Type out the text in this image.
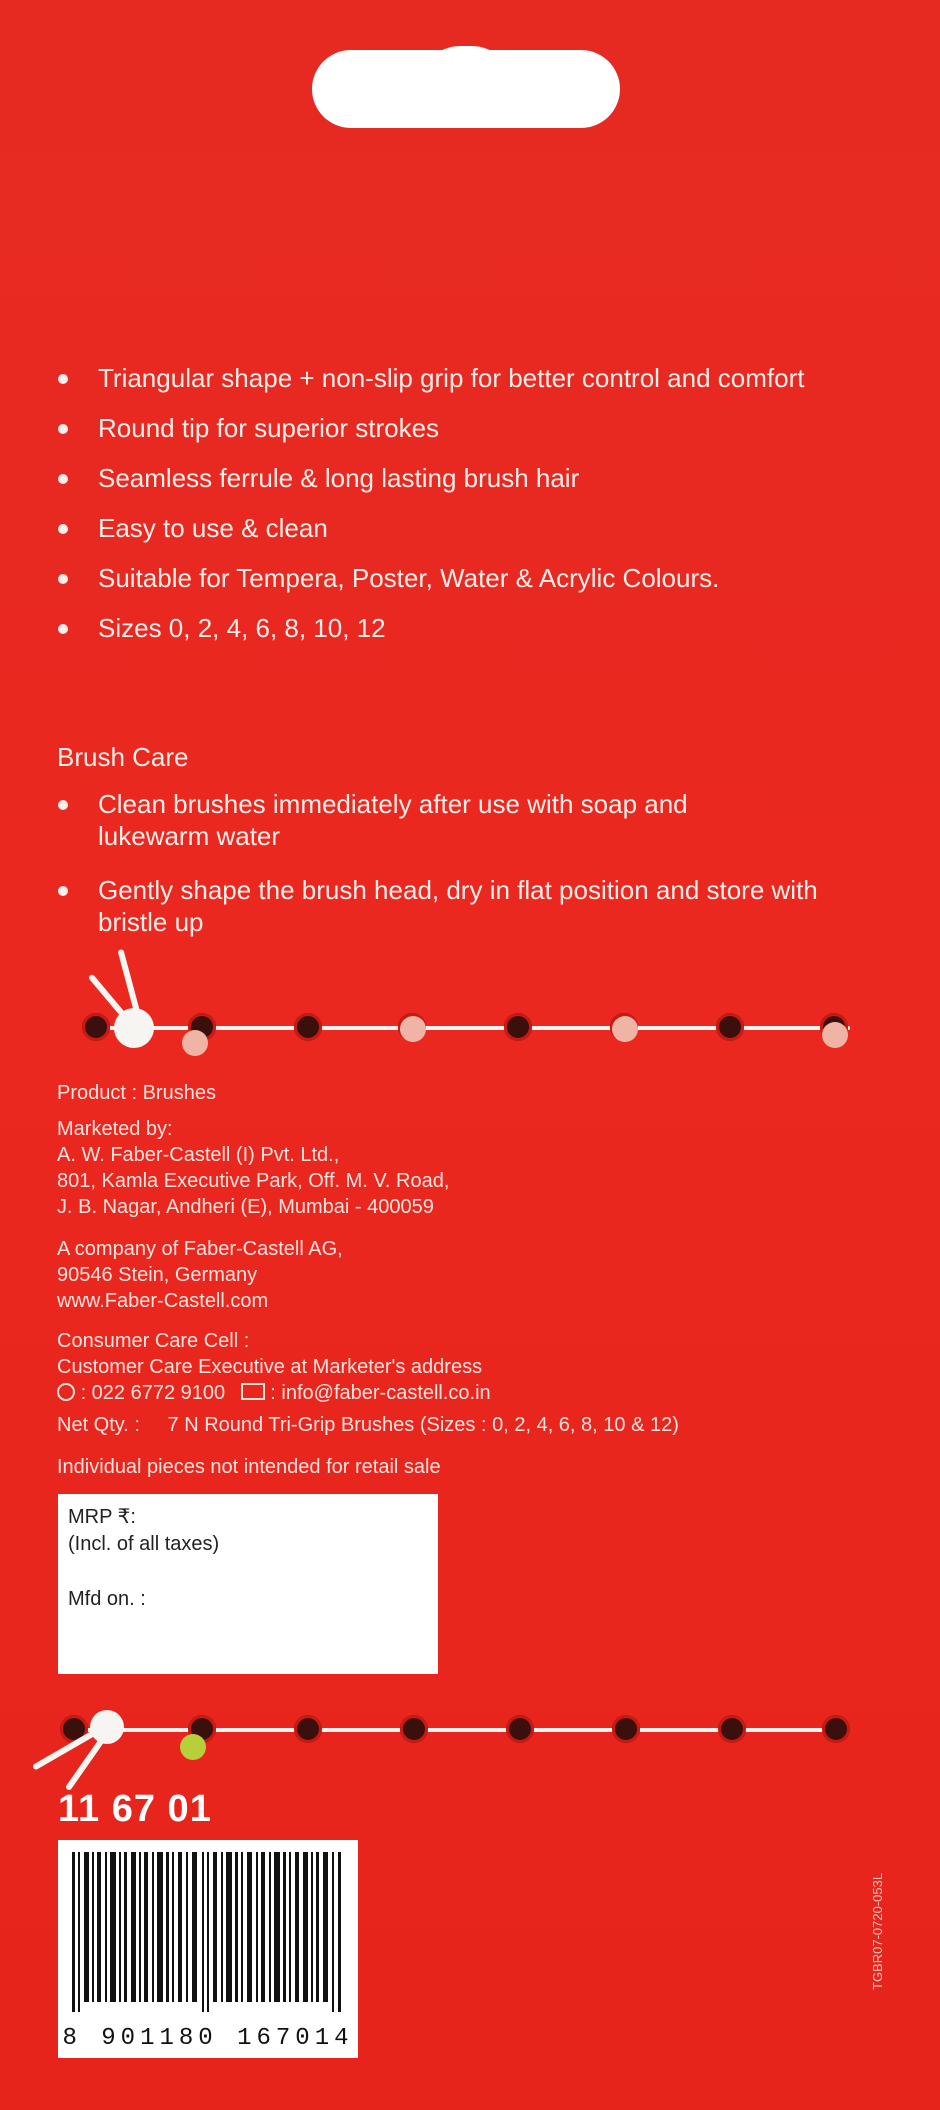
Triangular shape + non-slip grip for better control and comfort
Round tip for superior strokes
Seamless ferrule & long lasting brush hair
Easy to use & clean
Suitable for Tempera, Poster, Water & Acrylic Colours.
Sizes 0, 2, 4, 6, 8, 10, 12
Brush Care
Clean brushes immediately after use with soap and lukewarm water
Gently shape the brush head, dry in flat position and store with bristle up
Product : Brushes
Marketed by:
A. W. Faber-Castell (I) Pvt. Ltd.,
801, Kamla Executive Park, Off. M. V. Road,
J. B. Nagar, Andheri (E), Mumbai - 400059
A company of Faber-Castell AG,
90546 Stein, Germany
www.Faber-Castell.com
Consumer Care Cell :
Customer Care Executive at Marketer's address
: 022 6772 9100 : info@faber-castell.co.in
Net Qty. : 7 N Round Tri-Grip Brushes (Sizes : 0, 2, 4, 6, 8, 10 & 12)
Individual pieces not intended for retail sale
MRP ₹:
(Incl. of all taxes)
Mfd on. :
11 67 01
8 901180 167014
TGBR07-0720-053L
